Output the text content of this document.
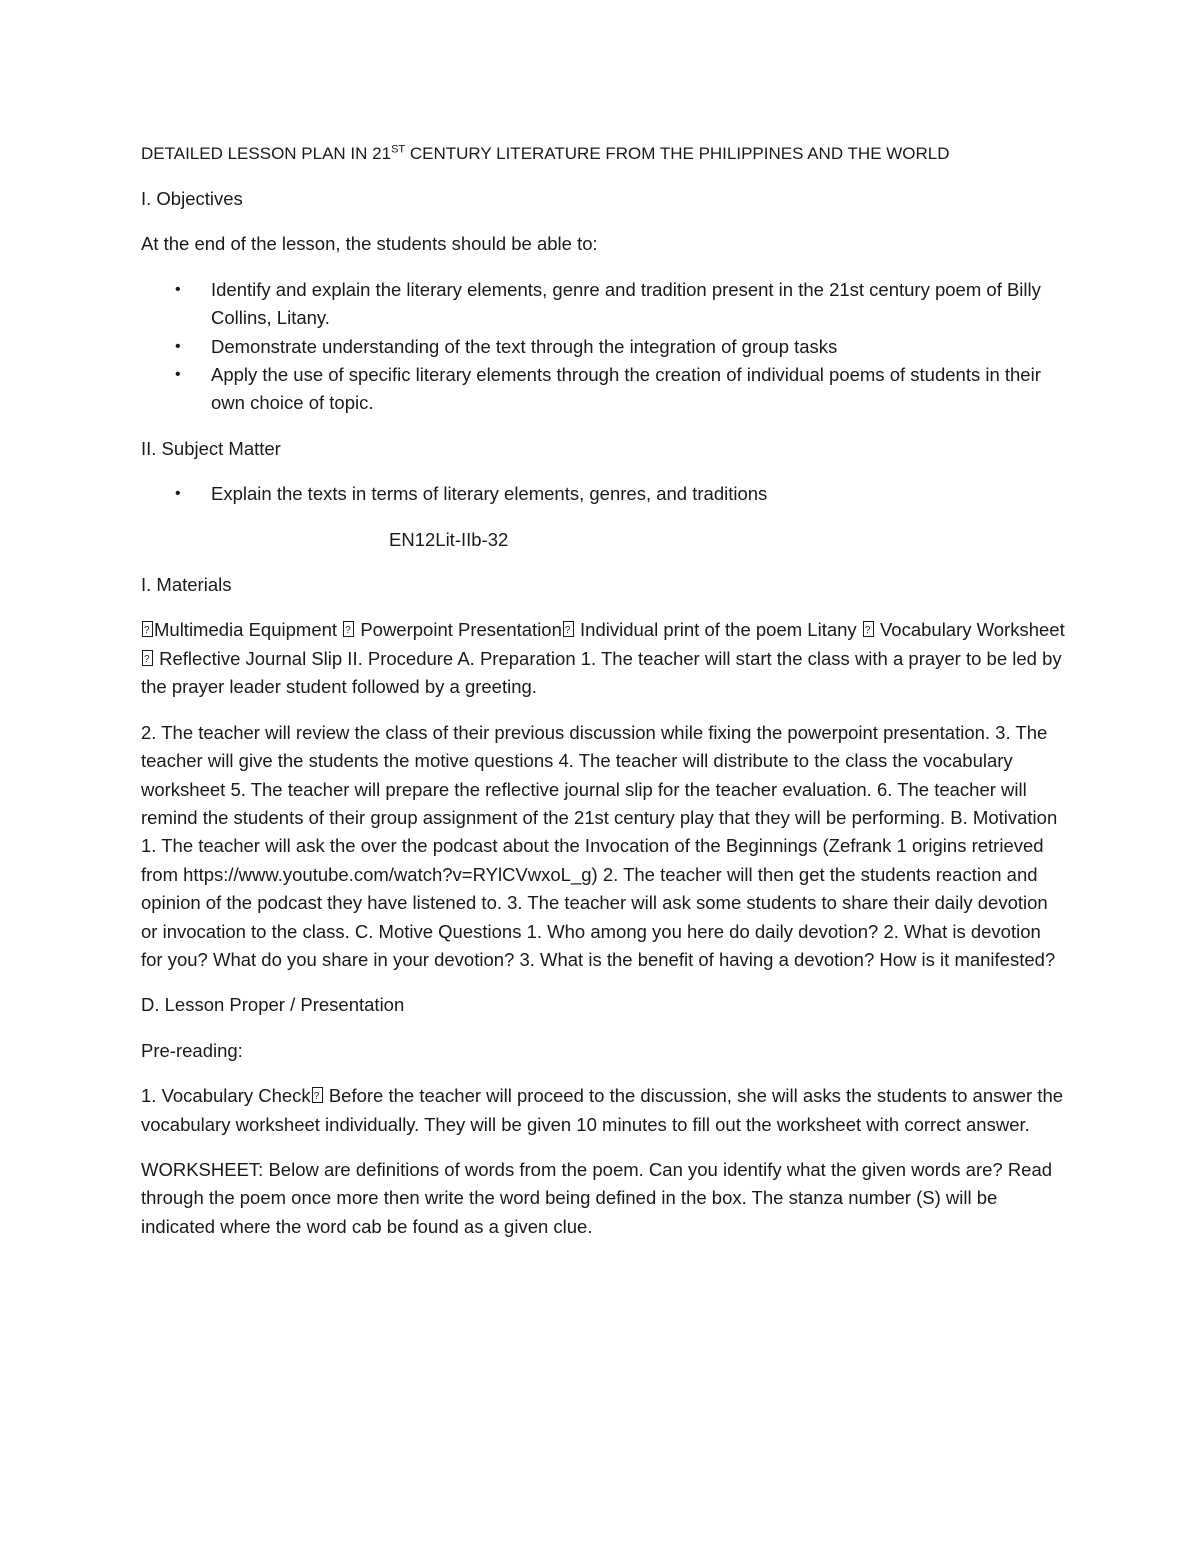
DETAILED LESSON PLAN IN 21ST CENTURY LITERATURE FROM THE PHILIPPINES AND THE WORLD

I. Objectives

At the end of the lesson, the students should be able to:

• Identify and explain the literary elements, genre and tradition present in the 21st century poem of Billy Collins, Litany.
• Demonstrate understanding of the text through the integration of group tasks
• Apply the use of specific literary elements through the creation of individual poems of students in their own choice of topic.

II. Subject Matter

• Explain the texts in terms of literary elements, genres, and traditions

EN12Lit-IIb-32

I. Materials

?Multimedia Equipment ? Powerpoint Presentation ? Individual print of the poem Litany ? Vocabulary Worksheet ? Reflective Journal Slip II. Procedure A. Preparation 1. The teacher will start the class with a prayer to be led by the prayer leader student followed by a greeting.

2. The teacher will review the class of their previous discussion while fixing the powerpoint presentation. 3. The teacher will give the students the motive questions 4. The teacher will distribute to the class the vocabulary worksheet 5. The teacher will prepare the reflective journal slip for the teacher evaluation. 6. The teacher will remind the students of their group assignment of the 21st century play that they will be performing. B. Motivation 1. The teacher will ask the over the podcast about the Invocation of the Beginnings (Zefrank 1 origins retrieved from https://www.youtube.com/watch?v=RYlCVwxoL_g) 2. The teacher will then get the students reaction and opinion of the podcast they have listened to. 3. The teacher will ask some students to share their daily devotion or invocation to the class. C. Motive Questions 1. Who among you here do daily devotion? 2. What is devotion for you? What do you share in your devotion? 3. What is the benefit of having a devotion? How is it manifested?

D. Lesson Proper / Presentation

Pre-reading:

1. Vocabulary Check? Before the teacher will proceed to the discussion, she will asks the students to answer the vocabulary worksheet individually. They will be given 10 minutes to fill out the worksheet with correct answer.

WORKSHEET: Below are definitions of words from the poem. Can you identify what the given words are? Read through the poem once more then write the word being defined in the box. The stanza number (S) will be indicated where the word cab be found as a given clue.
